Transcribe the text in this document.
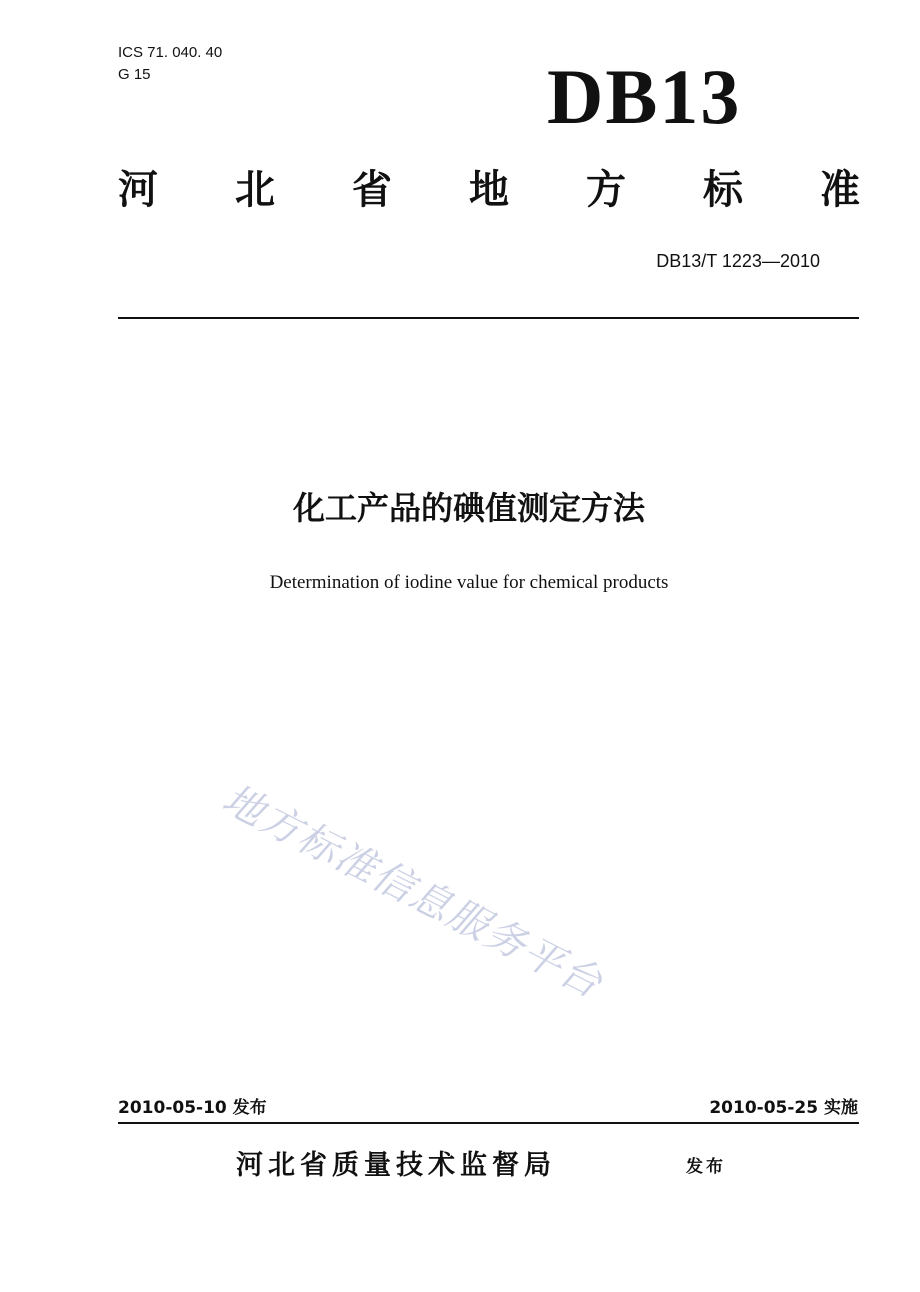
ICS 71. 040. 40
G 15	DB13
河 北 省 地 方 标 准
DB13/T 1223—2010
化工产品的碘值测定方法
Determination of iodine value for chemical products
地方标准信息服务平台
2010-05-10 发布	2010-05-25 实施
河北省质量技术监督局	发布
